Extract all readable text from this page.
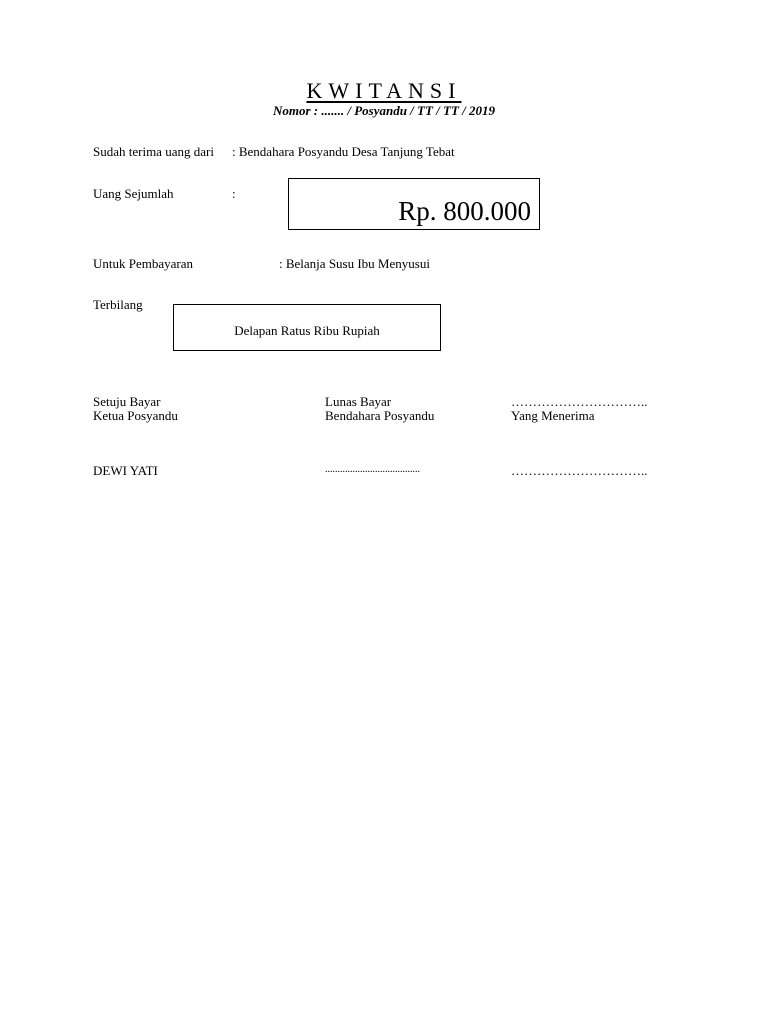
KWITANSI
Nomor : ....... / Posyandu / TT / TT / 2019
Sudah terima uang dari : Bendahara Posyandu Desa Tanjung Tebat
Uang Sejumlah	:
Rp. 800.000
Untuk Pembayaran	: Belanja Susu Ibu Menyusui
Terbilang
Delapan Ratus Ribu Rupiah
Setuju Bayar
Ketua Posyandu
DEWI YATI
Lunas Bayar
Bendahara Posyandu
......................................
…………………………..
Yang Menerima
…………………………..
